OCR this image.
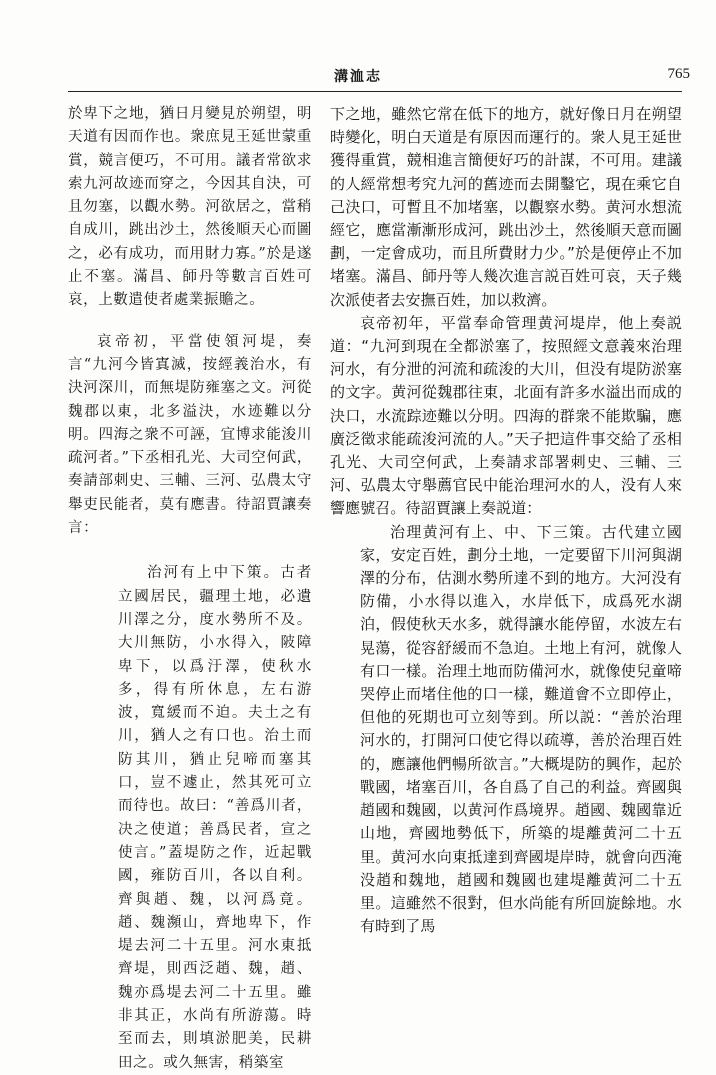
溝洫志	765

於卑下之地，猶日月變見於朔望，明天道有因而作也。衆庶見王延世蒙重賞，競言便巧，不可用。議者常欲求索九河故迹而穿之，今因其自決，可且勿塞，以觀水勢。河欲居之，當稍自成川，跳出沙土，然後順天心而圖之，必有成功，而用財力寡。”於是遂止不塞。滿昌、師丹等數言百姓可哀，上數遣使者處業振贍之。

哀帝初，平當使領河堤，奏言“九河今皆寘滅，按經義治水，有決河深川，而無堤防雍塞之文。河從魏郡以東，北多溢決，水迹難以分明。四海之衆不可誣，宜博求能浚川疏河者。”下丞相孔光、大司空何武，奏請部刺史、三輔、三河、弘農太守舉吏民能者，莫有應書。待詔賈讓奏言：

治河有上中下策。古者立國居民，疆理土地，必遺川澤之分，度水勢所不及。大川無防，小水得入，陂障卑下，以爲汙澤，使秋水多，得有所休息，左右游波，寬緩而不迫。夫土之有川，猶人之有口也。治土而防其川，猶止兒啼而塞其口，豈不遽止，然其死可立而待也。故曰：“善爲川者，决之使道；善爲民者，宣之使言。”蓋堤防之作，近起戰國，雍防百川，各以自利。齊與趙、魏，以河爲竟。趙、魏瀕山，齊地卑下，作堤去河二十五里。河水東抵齊堤，則西泛趙、魏，趙、魏亦爲堤去河二十五里。雖非其正，水尚有所游蕩。時至而去，則填淤肥美，民耕田之。或久無害，稍築室

下之地，雖然它常在低下的地方，就好像日月在朔望時變化，明白天道是有原因而運行的。衆人見王延世獲得重賞，競相進言簡便好巧的計謀，不可用。建議的人經常想考究九河的舊迹而去開鑿它，現在乘它自己決口，可暫且不加堵塞，以觀察水勢。黄河水想流經它，應當漸漸形成河，跳出沙土，然後順天意而圖劃，一定會成功，而且所費財力少。”於是便停止不加堵塞。滿昌、師丹等人幾次進言説百姓可哀，天子幾次派使者去安撫百姓，加以救濟。

哀帝初年，平當奉命管理黄河堤岸，他上奏説道：“九河到現在全都淤塞了，按照經文意義來治理河水，有分泄的河流和疏浚的大川，但没有堤防淤塞的文字。黄河從魏郡往東，北面有許多水溢出而成的決口，水流踪迹難以分明。四海的群衆不能欺騙，應廣泛徵求能疏浚河流的人。”天子把這件事交給了丞相孔光、大司空何武，上奏請求部署刺史、三輔、三河、弘農太守舉薦官民中能治理河水的人，没有人來響應號召。待詔賈讓上奏説道：

治理黄河有上、中、下三策。古代建立國家，安定百姓，劃分土地，一定要留下川河與湖澤的分布，估測水勢所達不到的地方。大河没有防備，小水得以進入，水岸低下，成爲死水湖泊，假使秋天水多，就得讓水能停留，水波左右晃蕩，從容舒緩而不急迫。土地上有河，就像人有口一樣。治理土地而防備河水，就像使兒童啼哭停止而堵住他的口一樣，難道會不立即停止，但他的死期也可立刻等到。所以説：“善於治理河水的，打開河口使它得以疏導，善於治理百姓的，應讓他們暢所欲言。”大概堤防的興作，起於戰國，堵塞百川，各自爲了自己的利益。齊國與趙國和魏國，以黄河作爲境界。趙國、魏國靠近山地，齊國地勢低下，所築的堤離黄河二十五里。黄河水向東抵達到齊國堤岸時，就會向西淹没趙和魏地，趙國和魏國也建堤離黄河二十五里。這雖然不很對，但水尚能有所回旋餘地。水有時到了馬
